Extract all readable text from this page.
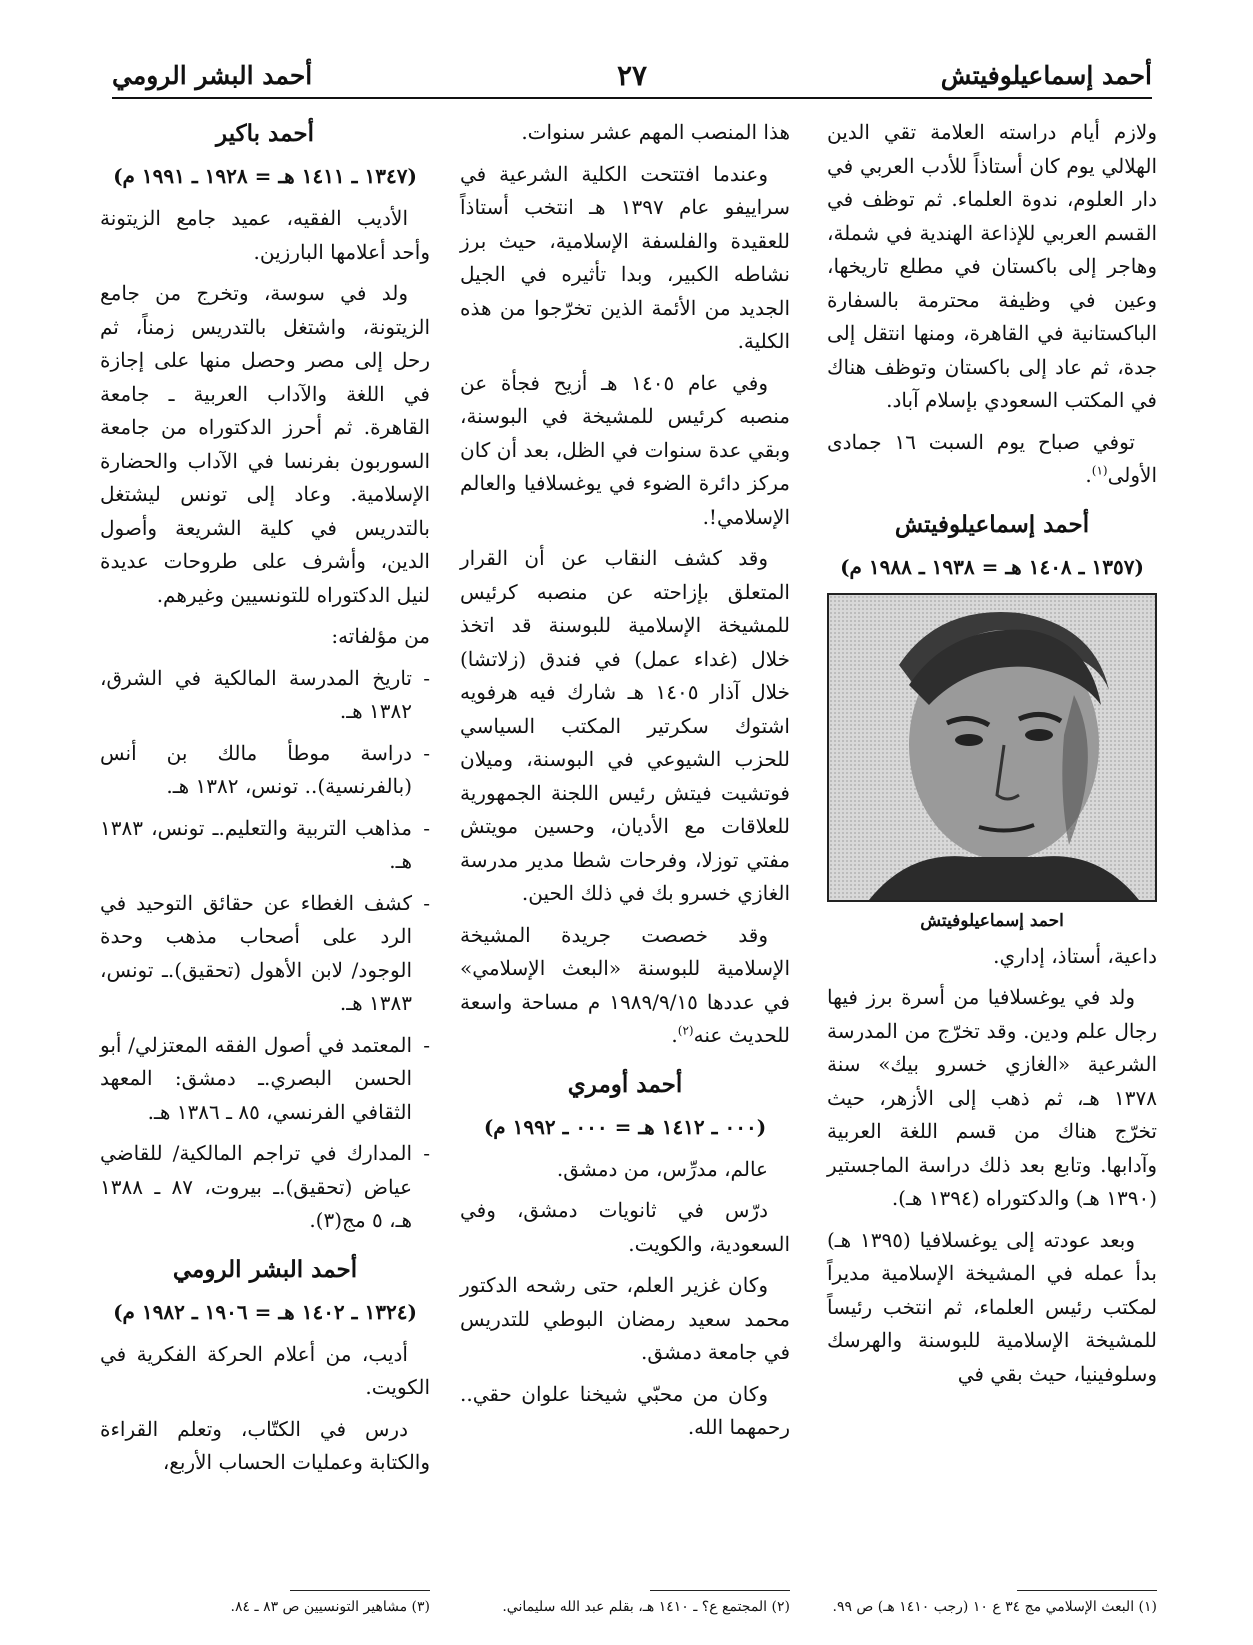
أحمد إسماعيلوفيتش
٢٧
أحمد البشر الرومي

ولازم أيام دراسته العلامة تقي الدين الهلالي يوم كان أستاذاً للأدب العربي في دار العلوم، ندوة العلماء. ثم توظف في القسم العربي للإذاعة الهندية في شملة، وهاجر إلى باكستان في مطلع تاريخها، وعين في وظيفة محترمة بالسفارة الباكستانية في القاهرة، ومنها انتقل إلى جدة، ثم عاد إلى باكستان وتوظف هناك في المكتب السعودي بإسلام آباد.

توفي صباح يوم السبت ١٦ جمادى الأولى$^{(١)}$.

أحمد إسماعيلوفيتش
(١٣٥٧ ـ ١٤٠٨ هـ = ١٩٣٨ ـ ١٩٨٨ م)
احمد إسماعيلوفيتش

داعية، أستاذ، إداري.

ولد في يوغسلافيا من أسرة برز فيها رجال علم ودين. وقد تخرّج من المدرسة الشرعية «الغازي خسرو بيك» سنة ١٣٧٨ هـ، ثم ذهب إلى الأزهر، حيث تخرّج هناك من قسم اللغة العربية وآدابها. وتابع بعد ذلك دراسة الماجستير (١٣٩٠ هـ) والدكتوراه (١٣٩٤ هـ).

وبعد عودته إلى يوغسلافيا (١٣٩٥ هـ) بدأ عمله في المشيخة الإسلامية مديراً لمكتب رئيس العلماء، ثم انتخب رئيساً للمشيخة الإسلامية للبوسنة والهرسك وسلوفينيا، حيث بقي في

هذا المنصب المهم عشر سنوات.

وعندما افتتحت الكلية الشرعية في سراييفو عام ١٣٩٧ هـ انتخب أستاذاً للعقيدة والفلسفة الإسلامية، حيث برز نشاطه الكبير، وبدا تأثيره في الجيل الجديد من الأئمة الذين تخرّجوا من هذه الكلية.

وفي عام ١٤٠٥ هـ أزيح فجأة عن منصبه كرئيس للمشيخة في البوسنة، وبقي عدة سنوات في الظل، بعد أن كان مركز دائرة الضوء في يوغسلافيا والعالم الإسلامي!.

وقد كشف النقاب عن أن القرار المتعلق بإزاحته عن منصبه كرئيس للمشيخة الإسلامية للبوسنة قد اتخذ خلال (غداء عمل) في فندق (زلاتشا) خلال آذار ١٤٠٥ هـ شارك فيه هرفويه اشتوك سكرتير المكتب السياسي للحزب الشيوعي في البوسنة، وميلان فوتشيت فيتش رئيس اللجنة الجمهورية للعلاقات مع الأديان، وحسين مويتش مفتي توزلا، وفرحات شطا مدير مدرسة الغازي خسرو بك في ذلك الحين.

وقد خصصت جريدة المشيخة الإسلامية للبوسنة «البعث الإسلامي» في عددها ١٩٨٩/٩/١٥ م مساحة واسعة للحديث عنه$^{(٢)}$.

أحمد أومري
(٠٠٠ ـ ١٤١٢ هـ = ٠٠٠ ـ ١٩٩٢ م)

عالم، مدرِّس، من دمشق.

درّس في ثانويات دمشق، وفي السعودية، والكويت.

وكان غزير العلم، حتى رشحه الدكتور محمد سعيد رمضان البوطي للتدريس في جامعة دمشق.

وكان من محبّي شيخنا علوان حقي.. رحمهما الله.

أحمد باكير
(١٣٤٧ ـ ١٤١١ هـ = ١٩٢٨ ـ ١٩٩١ م)

الأديب الفقيه، عميد جامع الزيتونة وأحد أعلامها البارزين.

ولد في سوسة، وتخرج من جامع الزيتونة، واشتغل بالتدريس زمناً، ثم رحل إلى مصر وحصل منها على إجازة في اللغة والآداب العربية ـ جامعة القاهرة. ثم أحرز الدكتوراه من جامعة السوربون بفرنسا في الآداب والحضارة الإسلامية. وعاد إلى تونس ليشتغل بالتدريس في كلية الشريعة وأصول الدين، وأشرف على طروحات عديدة لنيل الدكتوراه للتونسيين وغيرهم.

من مؤلفاته:

- تاريخ المدرسة المالكية في الشرق، ١٣٨٢ هـ.
- دراسة موطأ مالك بن أنس (بالفرنسية).. تونس، ١٣٨٢ هـ.
- مذاهب التربية والتعليم.ـ تونس، ١٣٨٣ هـ.
- كشف الغطاء عن حقائق التوحيد في الرد على أصحاب مذهب وحدة الوجود/ لابن الأهول (تحقيق).ـ تونس، ١٣٨٣ هـ.
- المعتمد في أصول الفقه المعتزلي/ أبو الحسن البصري.ـ دمشق: المعهد الثقافي الفرنسي، ٨٥ ـ ١٣٨٦ هـ.
- المدارك في تراجم المالكية/ للقاضي عياض (تحقيق).ـ بيروت، ٨٧ ـ ١٣٨٨ هـ، ٥ مج(٣).
أحمد البشر الرومي
(١٣٢٤ ـ ١٤٠٢ هـ = ١٩٠٦ ـ ١٩٨٢ م)

أديب، من أعلام الحركة الفكرية في الكويت.

درس في الكتّاب، وتعلم القراءة والكتابة وعمليات الحساب الأربع،

(١) البعث الإسلامي مج ٣٤ ع ١٠ (رجب ١٤١٠ هـ) ص ٩٩.
(٢) المجتمع ع؟ ـ ١٤١٠ هـ، بقلم عبد الله سليماني.
(٣) مشاهير التونسيين ص ٨٣ ـ ٨٤.
